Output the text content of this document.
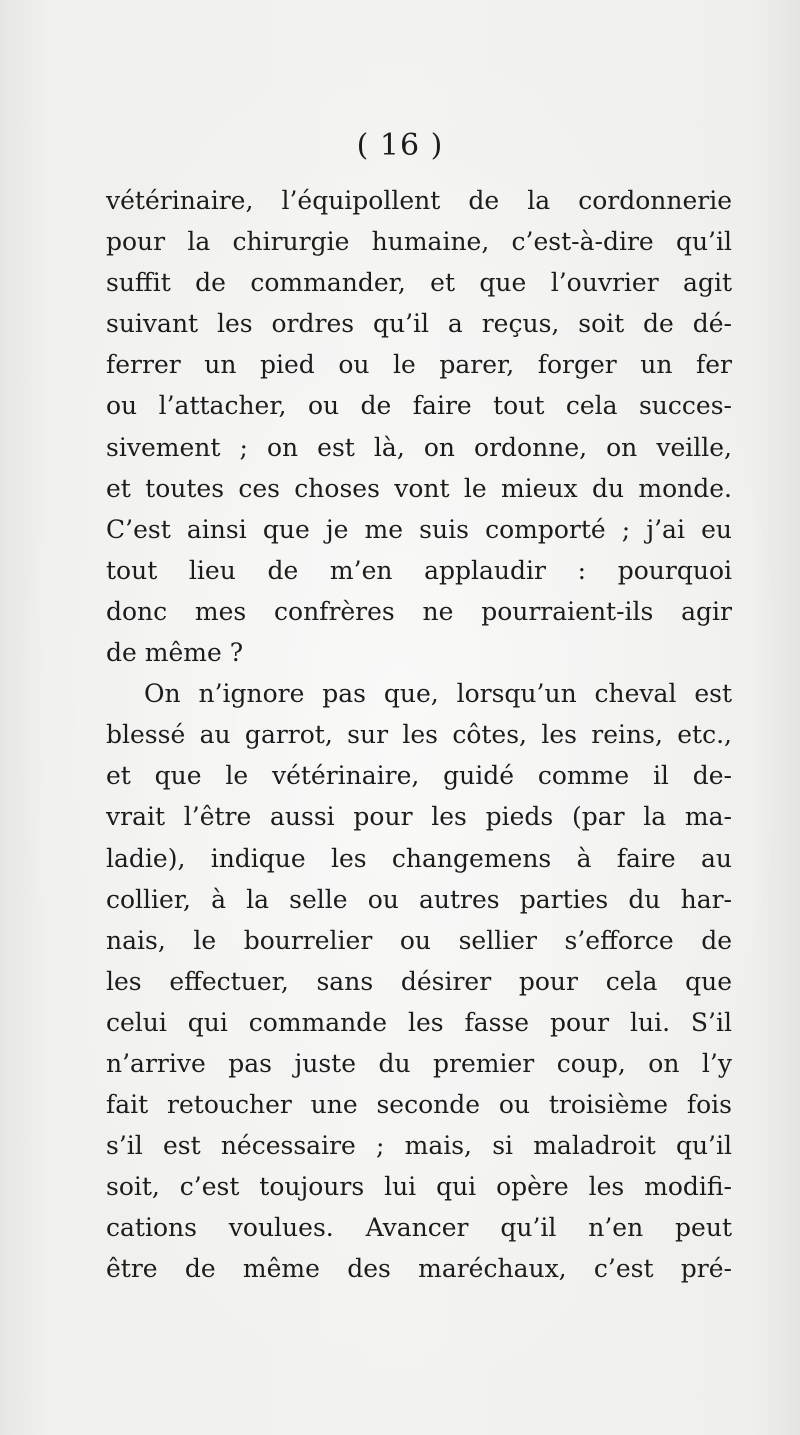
( 16 )
vétérinaire, l’équipollent de la cordonnerie
pour la chirurgie humaine, c’est-à-dire qu’il
suffit de commander, et que l’ouvrier agit
suivant les ordres qu’il a reçus, soit de dé-
ferrer un pied ou le parer, forger un fer
ou l’attacher, ou de faire tout cela succes-
sivement ; on est là, on ordonne, on veille,
et toutes ces choses vont le mieux du monde.
C’est ainsi que je me suis comporté ; j’ai eu
tout lieu de m’en applaudir : pourquoi
donc mes confrères ne pourraient-ils agir
de même ?
On n’ignore pas que, lorsqu’un cheval est
blessé au garrot, sur les côtes, les reins, etc.,
et que le vétérinaire, guidé comme il de-
vrait l’être aussi pour les pieds (par la ma-
ladie), indique les changemens à faire au
collier, à la selle ou autres parties du har-
nais, le bourrelier ou sellier s’efforce de
les effectuer, sans désirer pour cela que
celui qui commande les fasse pour lui. S’il
n’arrive pas juste du premier coup, on l’y
fait retoucher une seconde ou troisième fois
s’il est nécessaire ; mais, si maladroit qu’il
soit, c’est toujours lui qui opère les modifi-
cations voulues. Avancer qu’il n’en peut
être de même des maréchaux, c’est pré-
